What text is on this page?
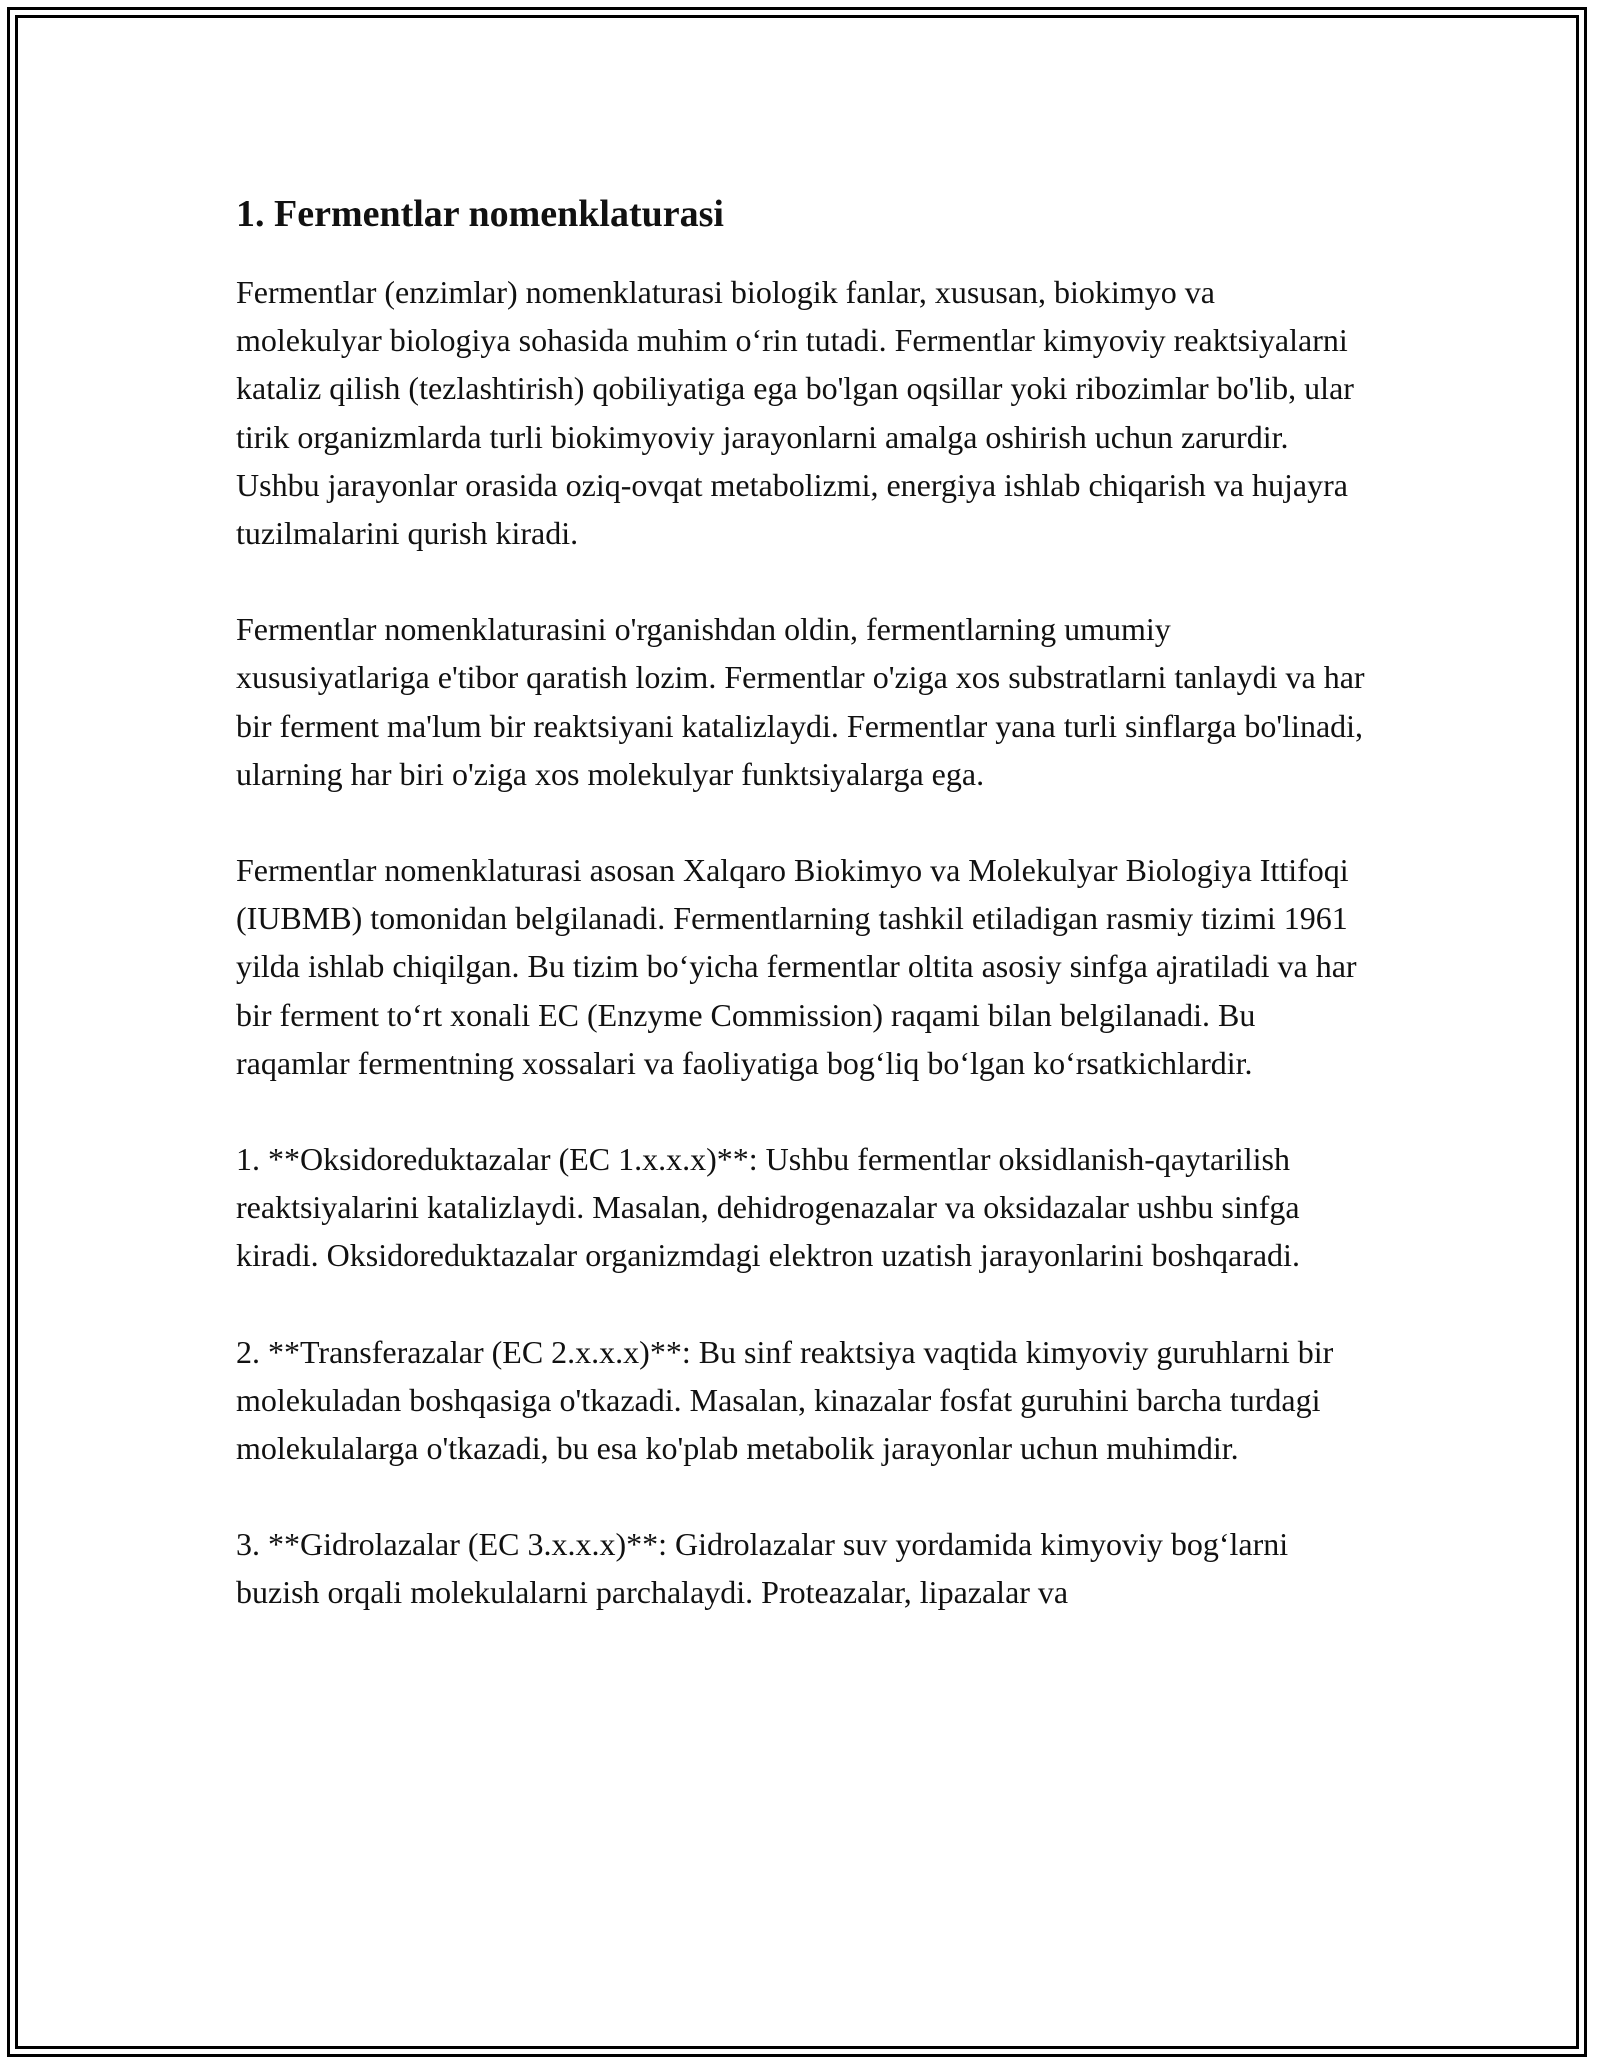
1. Fermentlar nomenklaturasi

Fermentlar (enzimlar) nomenklaturasi biologik fanlar, xususan, biokimyo va molekulyar biologiya sohasida muhim o‘rin tutadi. Fermentlar kimyoviy reaktsiyalarni kataliz qilish (tezlashtirish) qobiliyatiga ega bo'lgan oqsillar yoki ribozimlar bo'lib, ular tirik organizmlarda turli biokimyoviy jarayonlarni amalga oshirish uchun zarurdir. Ushbu jarayonlar orasida oziq-ovqat metabolizmi, energiya ishlab chiqarish va hujayra tuzilmalarini qurish kiradi.

Fermentlar nomenklaturasini o'rganishdan oldin, fermentlarning umumiy xususiyatlariga e'tibor qaratish lozim. Fermentlar o'ziga xos substratlarni tanlaydi va har bir ferment ma'lum bir reaktsiyani katalizlaydi. Fermentlar yana turli sinflarga bo'linadi, ularning har biri o'ziga xos molekulyar funktsiyalarga ega.

Fermentlar nomenklaturasi asosan Xalqaro Biokimyo va Molekulyar Biologiya Ittifoqi (IUBMB) tomonidan belgilanadi. Fermentlarning tashkil etiladigan rasmiy tizimi 1961 yilda ishlab chiqilgan. Bu tizim bo‘yicha fermentlar oltita asosiy sinfga ajratiladi va har bir ferment to‘rt xonali EC (Enzyme Commission) raqami bilan belgilanadi. Bu raqamlar fermentning xossalari va faoliyatiga bog‘liq bo‘lgan ko‘rsatkichlardir.

1. **Oksidoreduktazalar (EC 1.x.x.x)**: Ushbu fermentlar oksidlanish-qaytarilish reaktsiyalarini katalizlaydi. Masalan, dehidrogenazalar va oksidazalar ushbu sinfga kiradi. Oksidoreduktazalar organizmdagi elektron uzatish jarayonlarini boshqaradi.

2. **Transferazalar (EC 2.x.x.x)**: Bu sinf reaktsiya vaqtida kimyoviy guruhlarni bir molekuladan boshqasiga o'tkazadi. Masalan, kinazalar fosfat guruhini barcha turdagi molekulalarga o'tkazadi, bu esa ko'plab metabolik jarayonlar uchun muhimdir.

3. **Gidrolazalar (EC 3.x.x.x)**: Gidrolazalar suv yordamida kimyoviy bog‘larni buzish orqali molekulalarni parchalaydi. Proteazalar, lipazalar va
